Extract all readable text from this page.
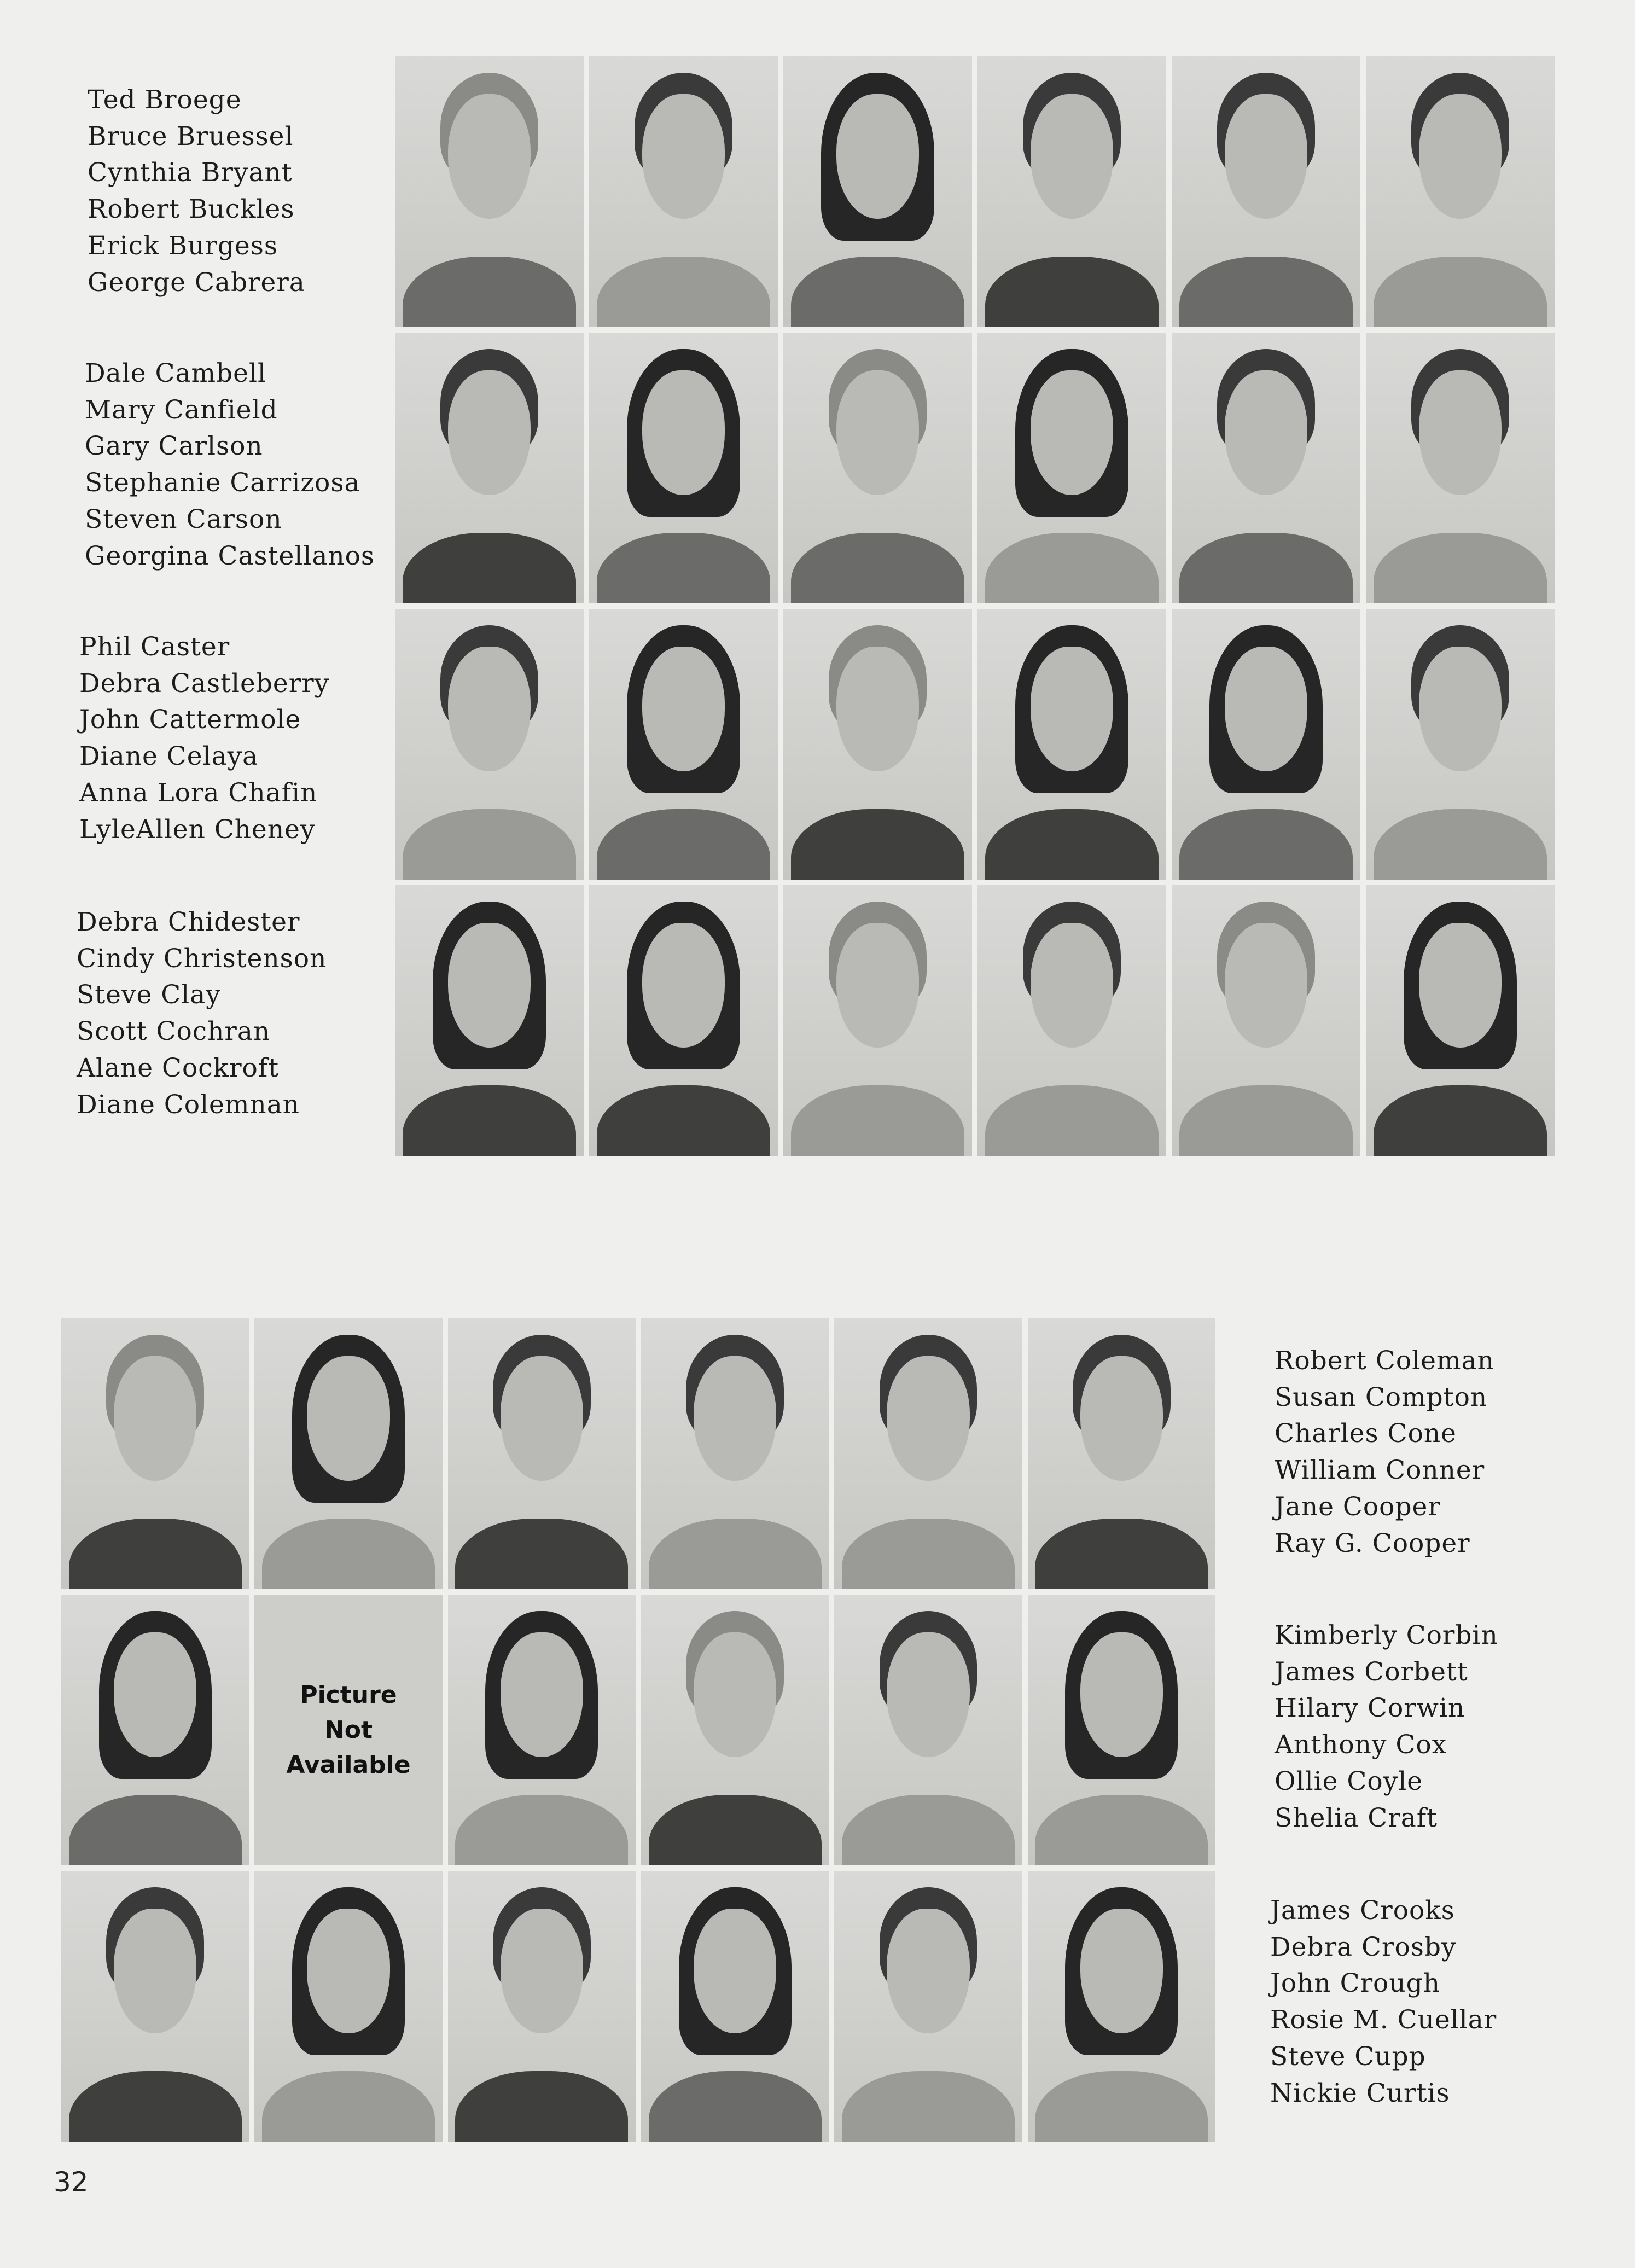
Ted Broege
Bruce Bruessel
Cynthia Bryant
Robert Buckles
Erick Burgess
George Cabrera
Dale Cambell
Mary Canfield
Gary Carlson
Stephanie Carrizosa
Steven Carson
Georgina Castellanos
Phil Caster
Debra Castleberry
John Cattermole
Diane Celaya
Anna Lora Chafin
LyleAllen Cheney
Debra Chidester
Cindy Christenson
Steve Clay
Scott Cochran
Alane Cockroft
Diane Colemnan
Picture
Not
Available
Robert Coleman
Susan Compton
Charles Cone
William Conner
Jane Cooper
Ray G. Cooper
Kimberly Corbin
James Corbett
Hilary Corwin
Anthony Cox
Ollie Coyle
Shelia Craft
James Crooks
Debra Crosby
John Crough
Rosie M. Cuellar
Steve Cupp
Nickie Curtis
32
